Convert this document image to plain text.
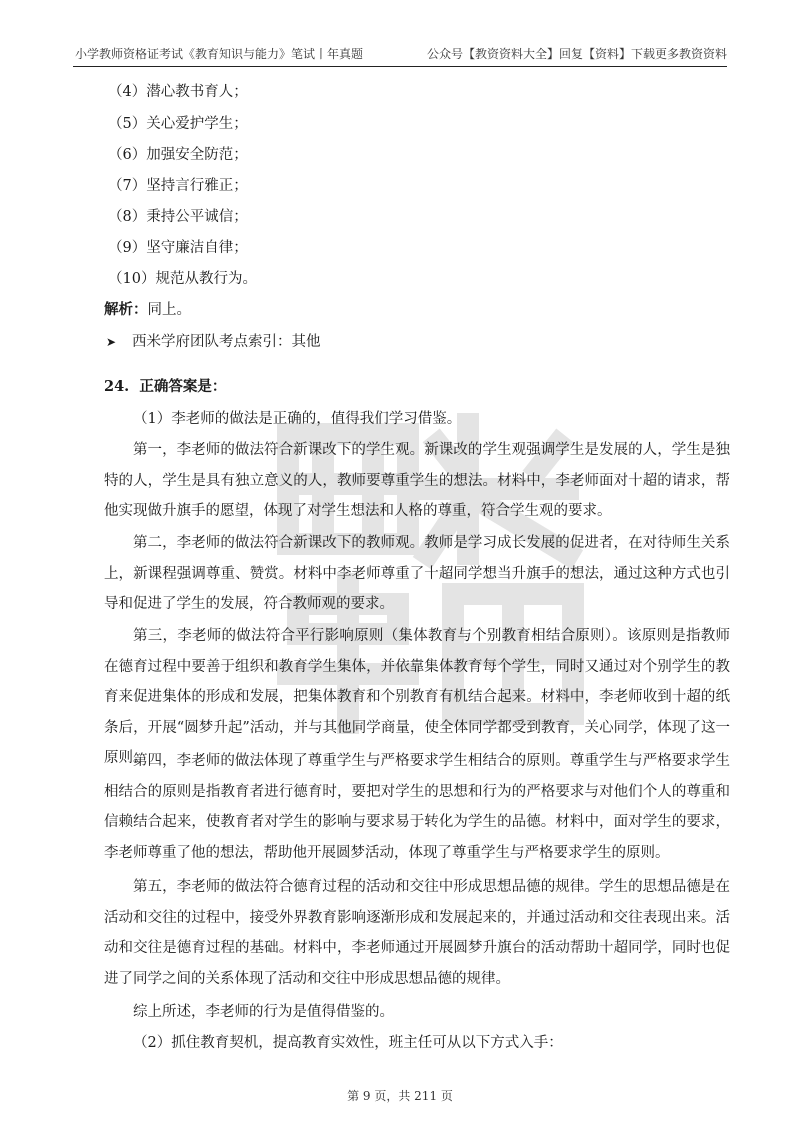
小学教师资格证考试《教育知识与能力》笔试丨年真题	公众号【教资资料大全】回复【资料】下载更多教资资料
（4）潜心教书育人；
（5）关心爱护学生；
（6）加强安全防范；
（7）坚持言行雅正；
（8）秉持公平诚信；
（9）坚守廉洁自律；
（10）规范从教行为。
解析：同上。
➤ 西米学府团队考点索引：其他
24. 正确答案是：
（1）李老师的做法是正确的，值得我们学习借鉴。
第一，李老师的做法符合新课改下的学生观。新课改的学生观强调学生是发展的人，学生是独特的人，学生是具有独立意义的人，教师要尊重学生的想法。材料中，李老师面对十超的请求，帮他实现做升旗手的愿望，体现了对学生想法和人格的尊重，符合学生观的要求。
第二，李老师的做法符合新课改下的教师观。教师是学习成长发展的促进者，在对待师生关系上，新课程强调尊重、赞赏。材料中李老师尊重了十超同学想当升旗手的想法，通过这种方式也引导和促进了学生的发展，符合教师观的要求。
第三，李老师的做法符合平行影响原则（集体教育与个别教育相结合原则）。该原则是指教师在德育过程中要善于组织和教育学生集体，并依靠集体教育每个学生，同时又通过对个别学生的教育来促进集体的形成和发展，把集体教育和个别教育有机结合起来。材料中，李老师收到十超的纸条后，开展“圆梦升起”活动，并与其他同学商量，使全体同学都受到教育，关心同学，体现了这一原则。
第四，李老师的做法体现了尊重学生与严格要求学生相结合的原则。尊重学生与严格要求学生相结合的原则是指教育者进行德育时，要把对学生的思想和行为的严格要求与对他们个人的尊重和信赖结合起来，使教育者对学生的影响与要求易于转化为学生的品德。材料中，面对学生的要求，李老师尊重了他的想法，帮助他开展圆梦活动，体现了尊重学生与严格要求学生的原则。
第五，李老师的做法符合德育过程的活动和交往中形成思想品德的规律。学生的思想品德是在活动和交往的过程中，接受外界教育影响逐渐形成和发展起来的，并通过活动和交往表现出来。活动和交往是德育过程的基础。材料中，李老师通过开展圆梦升旗台的活动帮助十超同学，同时也促进了同学之间的关系体现了活动和交往中形成思想品德的规律。
综上所述，李老师的行为是值得借鉴的。
（2）抓住教育契机，提高教育实效性，班主任可从以下方式入手：
第 9 页，共 211 页
